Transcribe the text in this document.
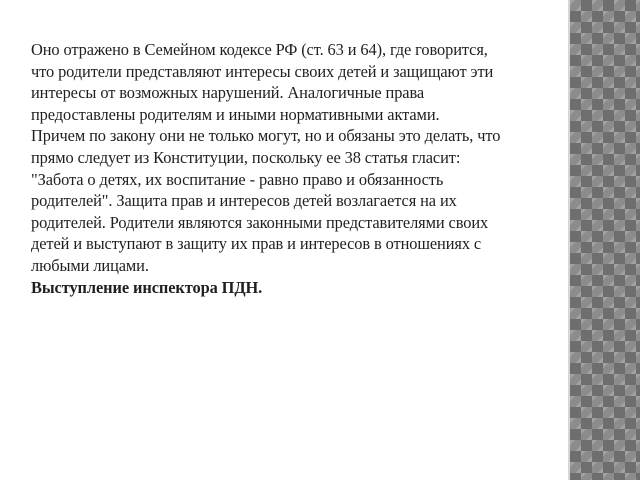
Оно отражено в Семейном кодексе РФ (ст. 63 и 64), где говорится,
что родители представляют интересы своих детей и защищают эти
интересы от возможных нарушений. Аналогичные права
предоставлены родителям и иными нормативными актами.
Причем по закону они не только могут, но и обязаны это делать, что
прямо следует из Конституции, поскольку ее 38 статья гласит:
"Забота о детях, их воспитание - равно право и обязанность
родителей". Защита прав и интересов детей возлагается на их
родителей. Родители являются законными представителями своих
детей и выступают в защиту их прав и интересов в отношениях с
любыми лицами.

Выступление инспектора ПДН.
